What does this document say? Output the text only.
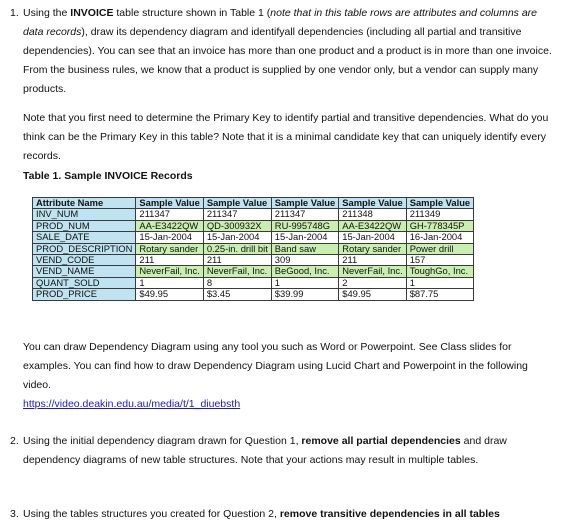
1. Using the INVOICE table structure shown in Table 1 (note that in this table rows are attributes and columns are data records), draw its dependency diagram and identifyall dependencies (including all partial and transitive dependencies). You can see that an invoice has more than one product and a product is in more than one invoice. From the business rules, we know that a product is supplied by one vendor only, but a vendor can supply many products.

Note that you first need to determine the Primary Key to identify partial and transitive dependencies. What do you think can be the Primary Key in this table? Note that it is a minimal candidate key that can uniquely identify every records.

Table 1. Sample INVOICE Records

Attribute Name	Sample Value	Sample Value	Sample Value	Sample Value	Sample Value
INV_NUM	211347	211347	211347	211348	211349
PROD_NUM	AA-E3422QW	QD-300932X	RU-995748G	AA-E3422QW	GH-778345P
SALE_DATE	15-Jan-2004	15-Jan-2004	15-Jan-2004	15-Jan-2004	16-Jan-2004
PROD_DESCRIPTION	Rotary sander	0.25-in. drill bit	Band saw	Rotary sander	Power drill
VEND_CODE	211	211	309	211	157
VEND_NAME	NeverFail, Inc.	NeverFail, Inc.	BeGood, Inc.	NeverFail, Inc.	ToughGo, Inc.
QUANT_SOLD	1	8	1	2	1
PROD_PRICE	$49.95	$3.45	$39.99	$49.95	$87.75

You can draw Dependency Diagram using any tool you such as Word or Powerpoint. See Class slides for examples. You can find how to draw Dependency Diagram using Lucid Chart and Powerpoint in the following video.

https://video.deakin.edu.au/media/t/1_diuebsth

2. Using the initial dependency diagram drawn for Question 1, remove all partial dependencies and draw dependency diagrams of new table structures. Note that your actions may result in multiple tables.

3. Using the tables structures you created for Question 2, remove transitive dependencies in all tables
